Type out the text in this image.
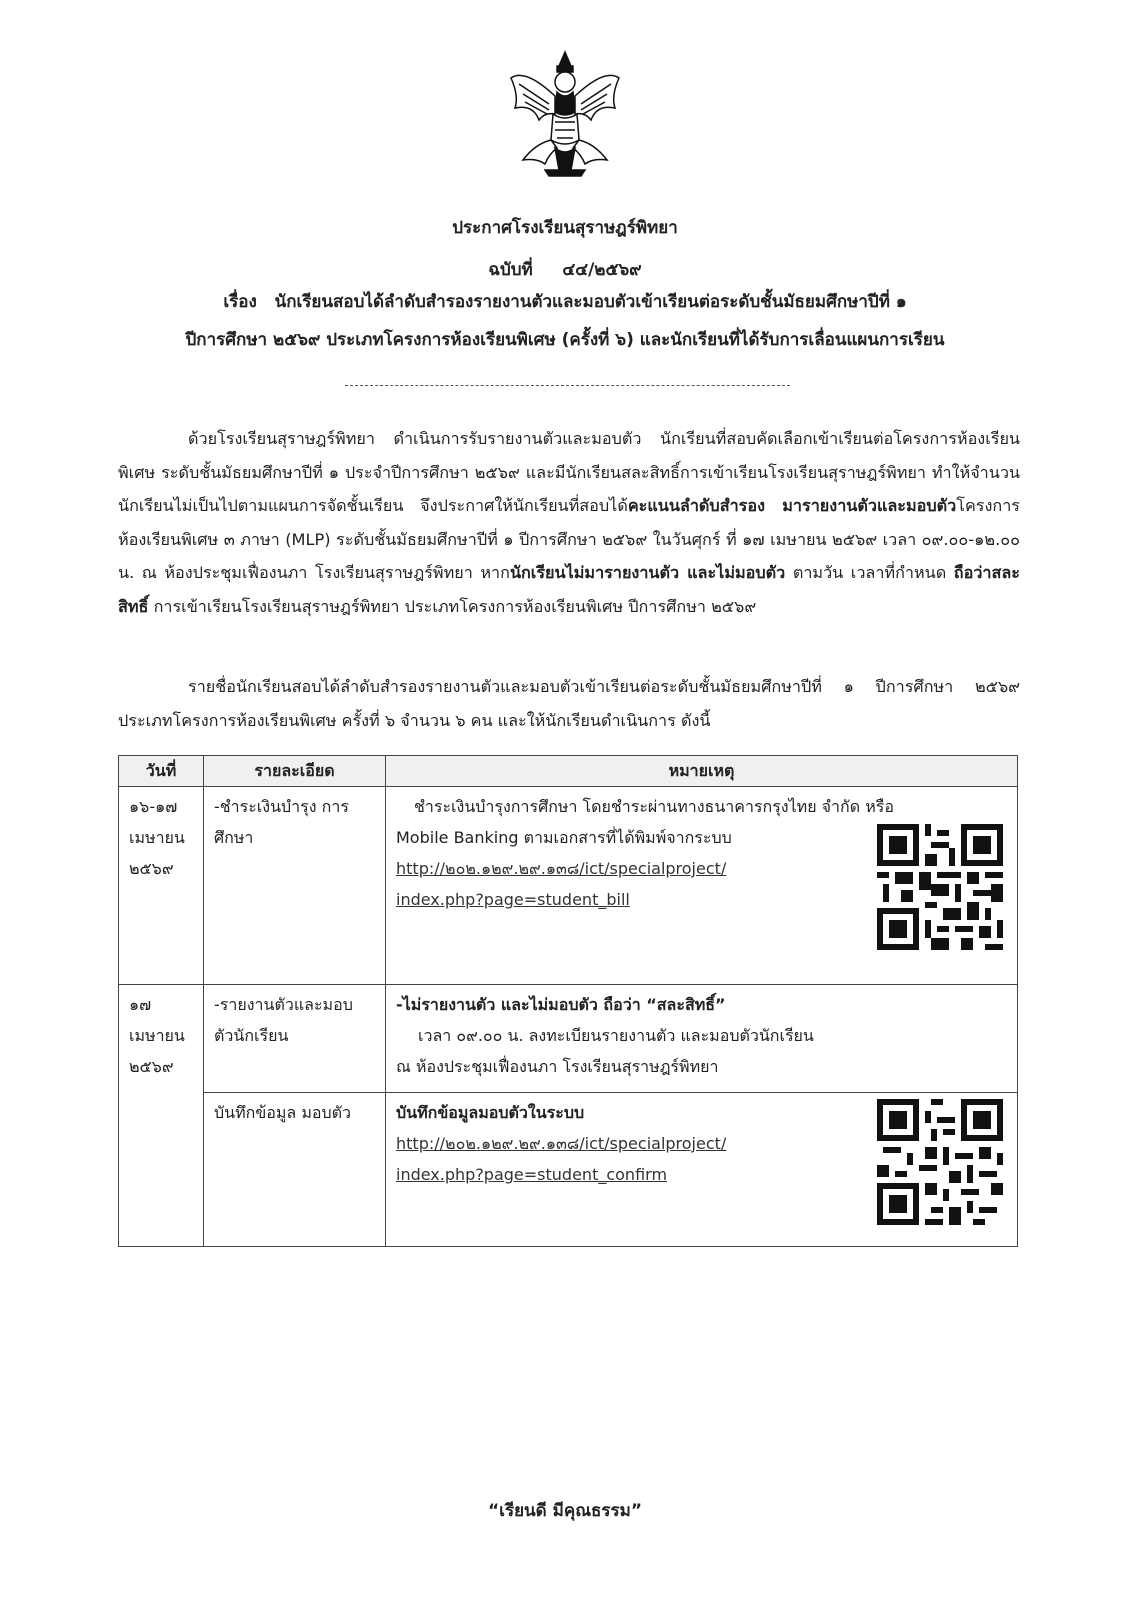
ประกาศโรงเรียนสุราษฎร์พิทยา
ฉบับที่ ๔๔/๒๕๖๙
เรื่อง นักเรียนสอบได้ลำดับสำรองรายงานตัวและมอบตัวเข้าเรียนต่อระดับชั้นมัธยมศึกษาปีที่ ๑
ปีการศึกษา ๒๕๖๙ ประเภทโครงการห้องเรียนพิเศษ (ครั้งที่ ๖) และนักเรียนที่ได้รับการเลื่อนแผนการเรียน
ด้วยโรงเรียนสุราษฎร์พิทยา ดำเนินการรับรายงานตัวและมอบตัว นักเรียนที่สอบคัดเลือกเข้าเรียนต่อโครงการห้องเรียนพิเศษ ระดับชั้นมัธยมศึกษาปีที่ ๑ ประจำปีการศึกษา ๒๕๖๙ และมีนักเรียนสละสิทธิ์การเข้าเรียนโรงเรียนสุราษฎร์พิทยา ทำให้จำนวนนักเรียนไม่เป็นไปตามแผนการจัดชั้นเรียน จึงประกาศให้นักเรียนที่สอบได้คะแนนลำดับสำรอง มารายงานตัวและมอบตัวโครงการห้องเรียนพิเศษ ๓ ภาษา (MLP) ระดับชั้นมัธยมศึกษาปีที่ ๑ ปีการศึกษา ๒๕๖๙ ในวันศุกร์ ที่ ๑๗ เมษายน ๒๕๖๙ เวลา ๐๙.๐๐-๑๒.๐๐ น. ณ ห้องประชุมเฟื่องนภา โรงเรียนสุราษฎร์พิทยา หากนักเรียนไม่มารายงานตัว และไม่มอบตัว ตามวัน เวลาที่กำหนด ถือว่าสละสิทธิ์ การเข้าเรียนโรงเรียนสุราษฎร์พิทยา ประเภทโครงการห้องเรียนพิเศษ ปีการศึกษา ๒๕๖๙
รายชื่อนักเรียนสอบได้ลำดับสำรองรายงานตัวและมอบตัวเข้าเรียนต่อระดับชั้นมัธยมศึกษาปีที่ ๑ ปีการศึกษา ๒๕๖๙ ประเภทโครงการห้องเรียนพิเศษ ครั้งที่ ๖ จำนวน ๖ คน และให้นักเรียนดำเนินการ ดังนี้
วันที่	รายละเอียด	หมายเหตุ
๑๖-๑๗ เมษายน ๒๕๖๙	-ชำระเงินบำรุง การศึกษา	ชำระเงินบำรุงการศึกษา โดยชำระผ่านทางธนาคารกรุงไทย จำกัด หรือ
Mobile Banking ตามเอกสารที่ได้พิมพ์จากระบบ
http://๒๐๒.๑๒๙.๒๙.๑๓๘/ict/specialproject/
index.php?page=student_bill

๑๗ เมษายน ๒๕๖๙	-รายงานตัวและมอบ ตัวนักเรียน	-ไม่รายงานตัว และไม่มอบตัว ถือว่า “สละสิทธิ์”
เวลา ๐๙.๐๐ น. ลงทะเบียนรายงานตัว และมอบตัวนักเรียน
ณ ห้องประชุมเฟื่องนภา โรงเรียนสุราษฎร์พิทยา

	บันทึกข้อมูล มอบตัว	บันทึกข้อมูลมอบตัวในระบบ
http://๒๐๒.๑๒๙.๒๙.๑๓๘/ict/specialproject/
index.php?page=student_confirm
“เรียนดี มีคุณธรรม”
